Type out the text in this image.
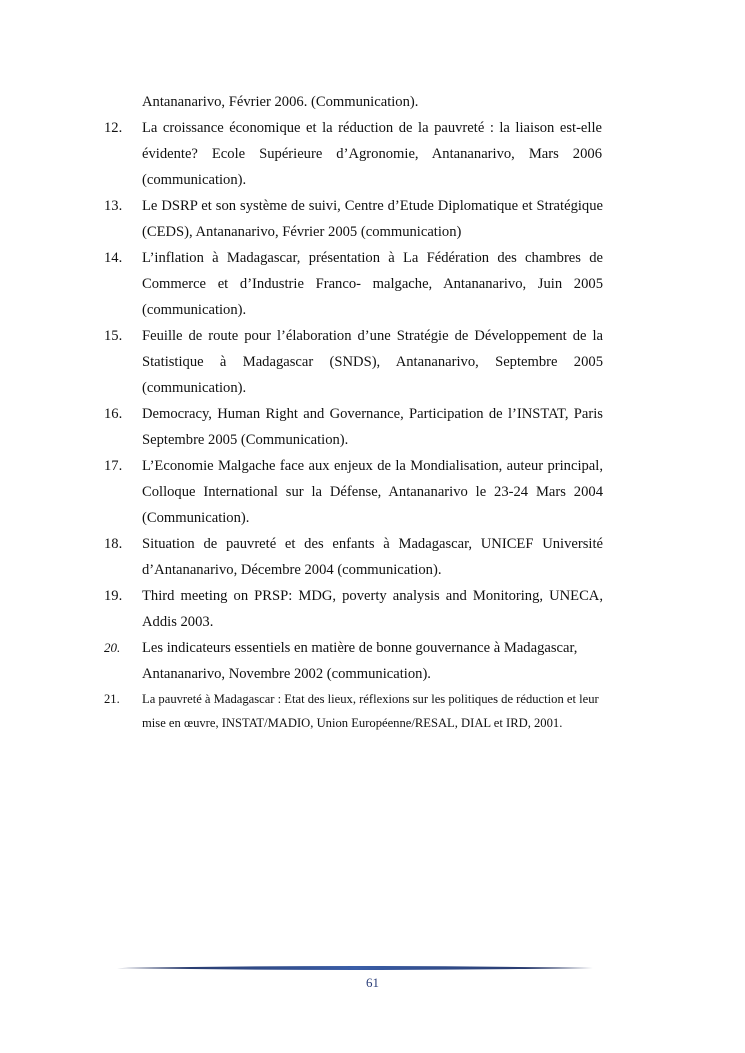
Antananarivo, Février 2006. (Communication).
12.	La croissance économique et la réduction de la pauvreté : la liaison est-elle évidente? Ecole Supérieure d’Agronomie, Antananarivo, Mars 2006 (communication).
13.	Le DSRP et son système de suivi, Centre d’Etude Diplomatique et Stratégique (CEDS), Antananarivo, Février 2005 (communication)
14.	L’inflation à Madagascar, présentation à La Fédération des chambres de Commerce et d’Industrie Franco- malgache, Antananarivo, Juin 2005 (communication).
15.	Feuille de route pour l’élaboration d’une Stratégie de Développement de la Statistique à Madagascar (SNDS), Antananarivo, Septembre 2005 (communication).
16.	Democracy, Human Right and Governance, Participation de l’INSTAT, Paris Septembre 2005 (Communication).
17.	L’Economie Malgache face aux enjeux de la Mondialisation, auteur principal, Colloque International sur la Défense, Antananarivo le 23-24 Mars 2004 (Communication).
18.	Situation de pauvreté et des enfants à Madagascar, UNICEF Université d’Antananarivo, Décembre 2004 (communication).
19.	Third meeting on PRSP: MDG, poverty analysis and Monitoring, UNECA, Addis 2003.
20.	Les indicateurs essentiels en matière de bonne gouvernance à Madagascar, Antananarivo, Novembre 2002 (communication).
21.	La pauvreté à Madagascar : Etat des lieux, réflexions sur les politiques de réduction et leur mise en œuvre, INSTAT/MADIO, Union Européenne/RESAL, DIAL et IRD, 2001.
61
